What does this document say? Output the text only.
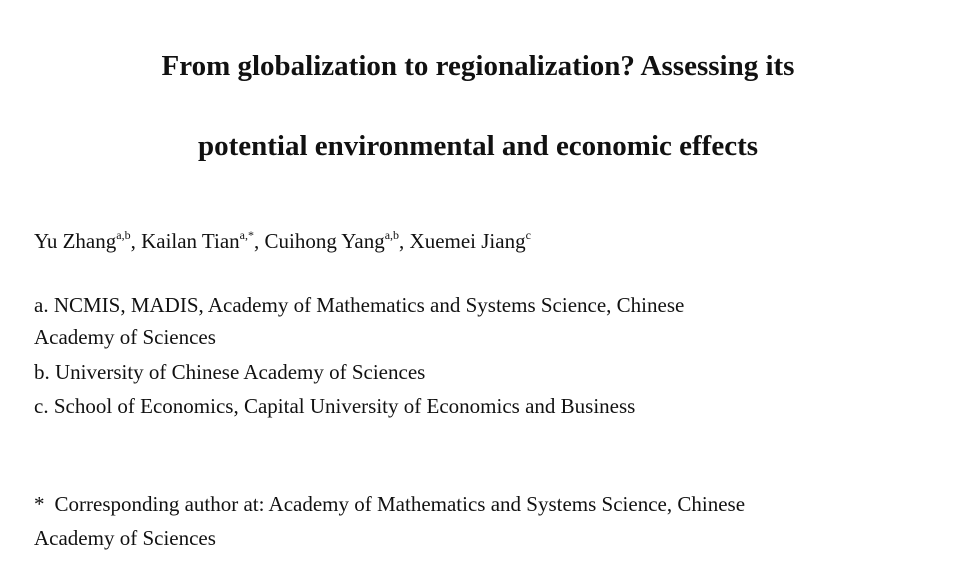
From globalization to regionalization? Assessing its
potential environmental and economic effects
Yu Zhang$^{a,b}$, Kailan Tian$^{a,*}$, Cuihong Yang$^{a,b}$, Xuemei Jiang$^c$
a. NCMIS, MADIS, Academy of Mathematics and Systems Science, Chinese
Academy of Sciences
b. University of Chinese Academy of Sciences
c. School of Economics, Capital University of Economics and Business
* Corresponding author at: Academy of Mathematics and Systems Science, Chinese
Academy of Sciences
